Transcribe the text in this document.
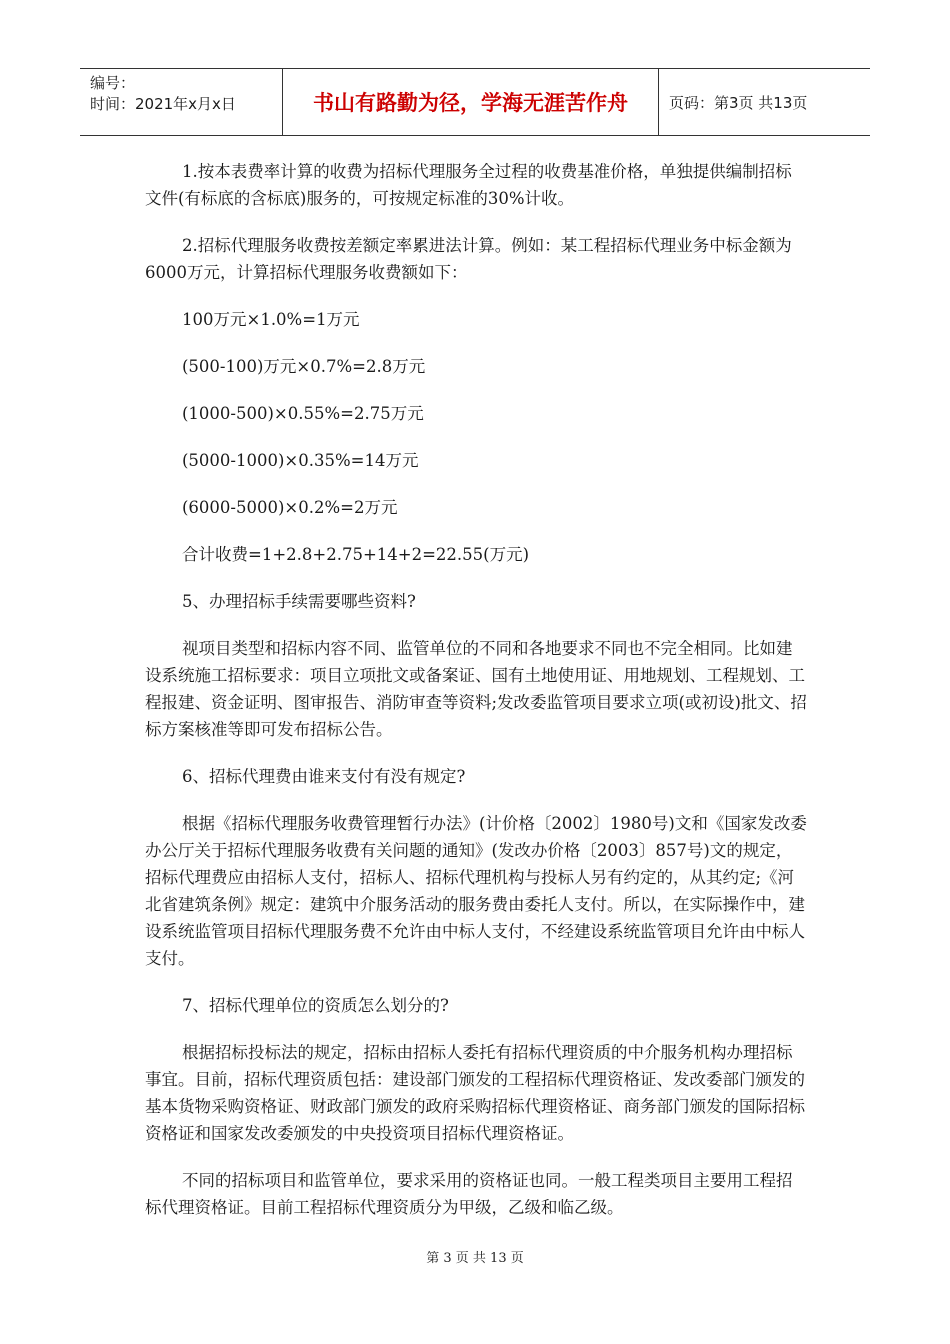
编号：
时间：2021年x月x日	书山有路勤为径，学海无涯苦作舟	页码：第3页 共13页

1.按本表费率计算的收费为招标代理服务全过程的收费基准价格，单独提供编制招标文件(有标底的含标底)服务的，可按规定标准的30%计收。

2.招标代理服务收费按差额定率累进法计算。例如：某工程招标代理业务中标金额为6000万元，计算招标代理服务收费额如下：

100万元×1.0%=1万元

(500-100)万元×0.7%=2.8万元

(1000-500)×0.55%=2.75万元

(5000-1000)×0.35%=14万元

(6000-5000)×0.2%=2万元

合计收费=1+2.8+2.75+14+2=22.55(万元)

5、办理招标手续需要哪些资料?

视项目类型和招标内容不同、监管单位的不同和各地要求不同也不完全相同。比如建设系统施工招标要求：项目立项批文或备案证、国有土地使用证、用地规划、工程规划、工程报建、资金证明、图审报告、消防审查等资料;发改委监管项目要求立项(或初设)批文、招标方案核准等即可发布招标公告。

6、招标代理费由谁来支付有没有规定?

根据《招标代理服务收费管理暂行办法》(计价格〔2002〕1980号)文和《国家发改委办公厅关于招标代理服务收费有关问题的通知》(发改办价格〔2003〕857号)文的规定，招标代理费应由招标人支付，招标人、招标代理机构与投标人另有约定的，从其约定;《河北省建筑条例》规定：建筑中介服务活动的服务费由委托人支付。所以，在实际操作中，建设系统监管项目招标代理服务费不允许由中标人支付，不经建设系统监管项目允许由中标人支付。

7、招标代理单位的资质怎么划分的?

根据招标投标法的规定，招标由招标人委托有招标代理资质的中介服务机构办理招标事宜。目前，招标代理资质包括：建设部门颁发的工程招标代理资格证、发改委部门颁发的基本货物采购资格证、财政部门颁发的政府采购招标代理资格证、商务部门颁发的国际招标资格证和国家发改委颁发的中央投资项目招标代理资格证。

不同的招标项目和监管单位，要求采用的资格证也同。一般工程类项目主要用工程招标代理资格证。目前工程招标代理资质分为甲级，乙级和临乙级。

第 3 页 共 13 页
